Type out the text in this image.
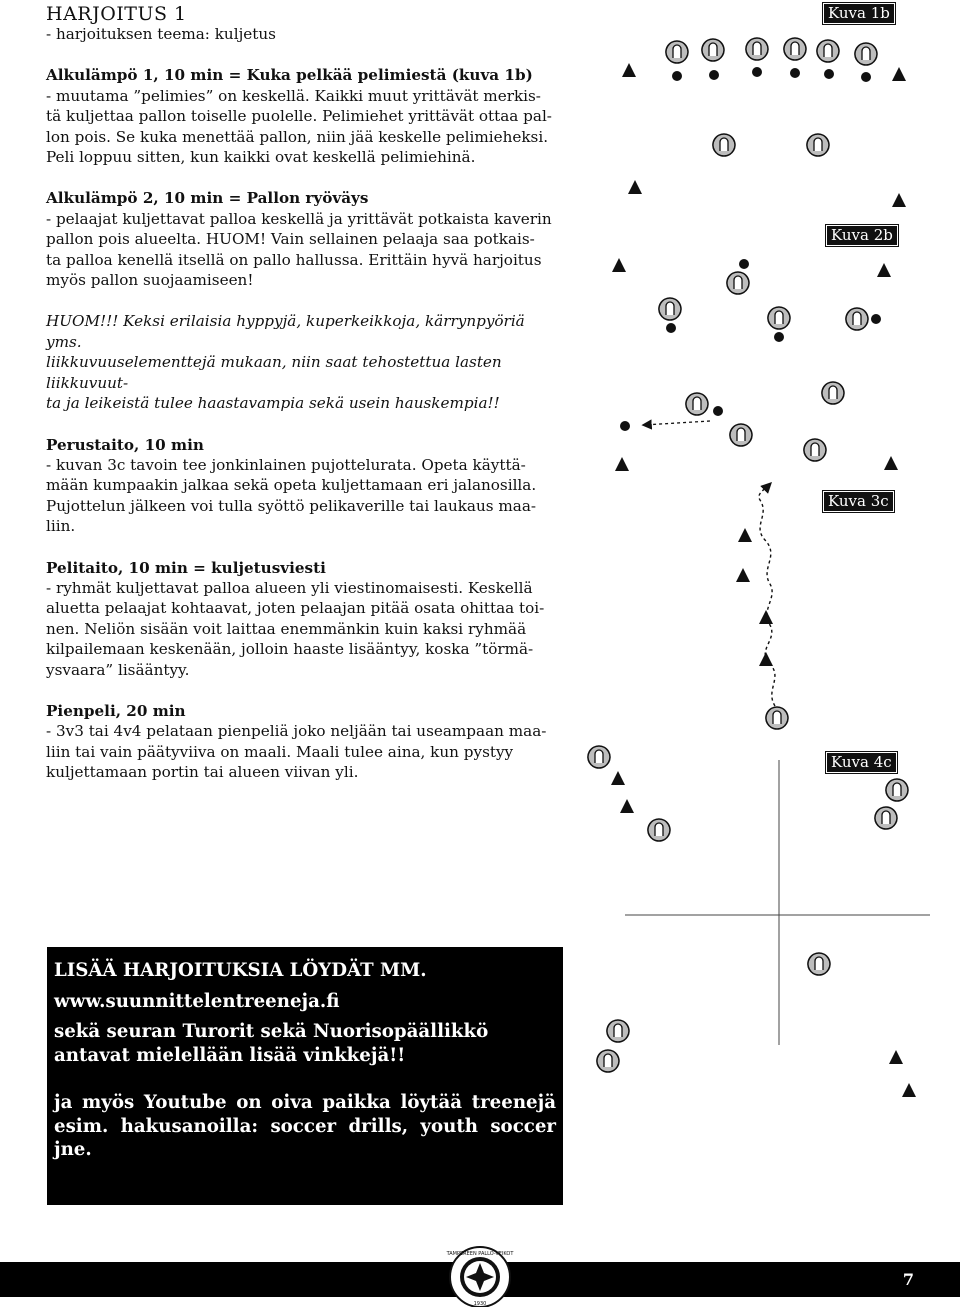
HARJOITUS 1

- harjoituksen teema: kuljetus

Alkulämpö 1, 10 min = Kuka pelkää pelimiestä (kuva 1b)

- muutama ”pelimies” on keskellä. Kaikki muut yrittävät merkis-

tä kuljettaa pallon toiselle puolelle. Pelimiehet yrittävät ottaa pal-

lon pois. Se kuka menettää pallon, niin jää keskelle pelimieheksi.

Peli loppuu sitten, kun kaikki ovat keskellä pelimiehinä.

Alkulämpö 2, 10 min = Pallon ryöväys

- pelaajat kuljettavat palloa keskellä ja yrittävät potkaista kaverin

pallon pois alueelta. HUOM! Vain sellainen pelaaja saa potkais-

ta palloa kenellä itsellä on pallo hallussa. Erittäin hyvä harjoitus

myös pallon suojaamiseen!

HUOM!!! Keksi erilaisia hyppyjä, kuperkeikkoja, kärrynpyöriä yms.

liikkuvuuselementtejä mukaan, niin saat tehostettua lasten liikkuvuut-

ta ja leikeistä tulee haastavampia sekä usein hauskempia!!

Perustaito, 10 min

- kuvan 3c tavoin tee jonkinlainen pujottelurata. Opeta käyttä-

mään kumpaakin jalkaa sekä opeta kuljettamaan eri jalanosilla.

Pujottelun jälkeen voi tulla syöttö pelikaverille tai laukaus maa-

liin.

Pelitaito, 10 min = kuljetusviesti

- ryhmät kuljettavat palloa alueen yli viestinomaisesti. Keskellä

aluetta pelaajat kohtaavat, joten pelaajan pitää osata ohittaa toi-

nen. Neliön sisään voit laittaa enemmänkin kuin kaksi ryhmää

kilpailemaan keskenään, jolloin haaste lisääntyy, koska ”törmä-

ysvaara” lisääntyy.

Pienpeli, 20 min

- 3v3 tai 4v4 pelataan pienpeliä joko neljään tai useampaan maa-

liin tai vain päätyviiva on maali. Maali tulee aina, kun pystyy

kuljettamaan portin tai alueen viivan yli.

Kuva 1b
Kuva 2b
Kuva 3c
Kuva 4c

LISÄÄ HARJOITUKSIA LÖYDÄT MM.

www.suunnittelentreeneja.fi

sekä seuran Turorit sekä Nuorisopäällikkö

antavat mielellään lisää vinkkejä!!

ja myös Youtube on oiva paikka löytää treenejä esim. hakusanoilla: soccer drills, youth soccer jne.

TAMPEREEN PALLO-VEIKOT
1930
7
